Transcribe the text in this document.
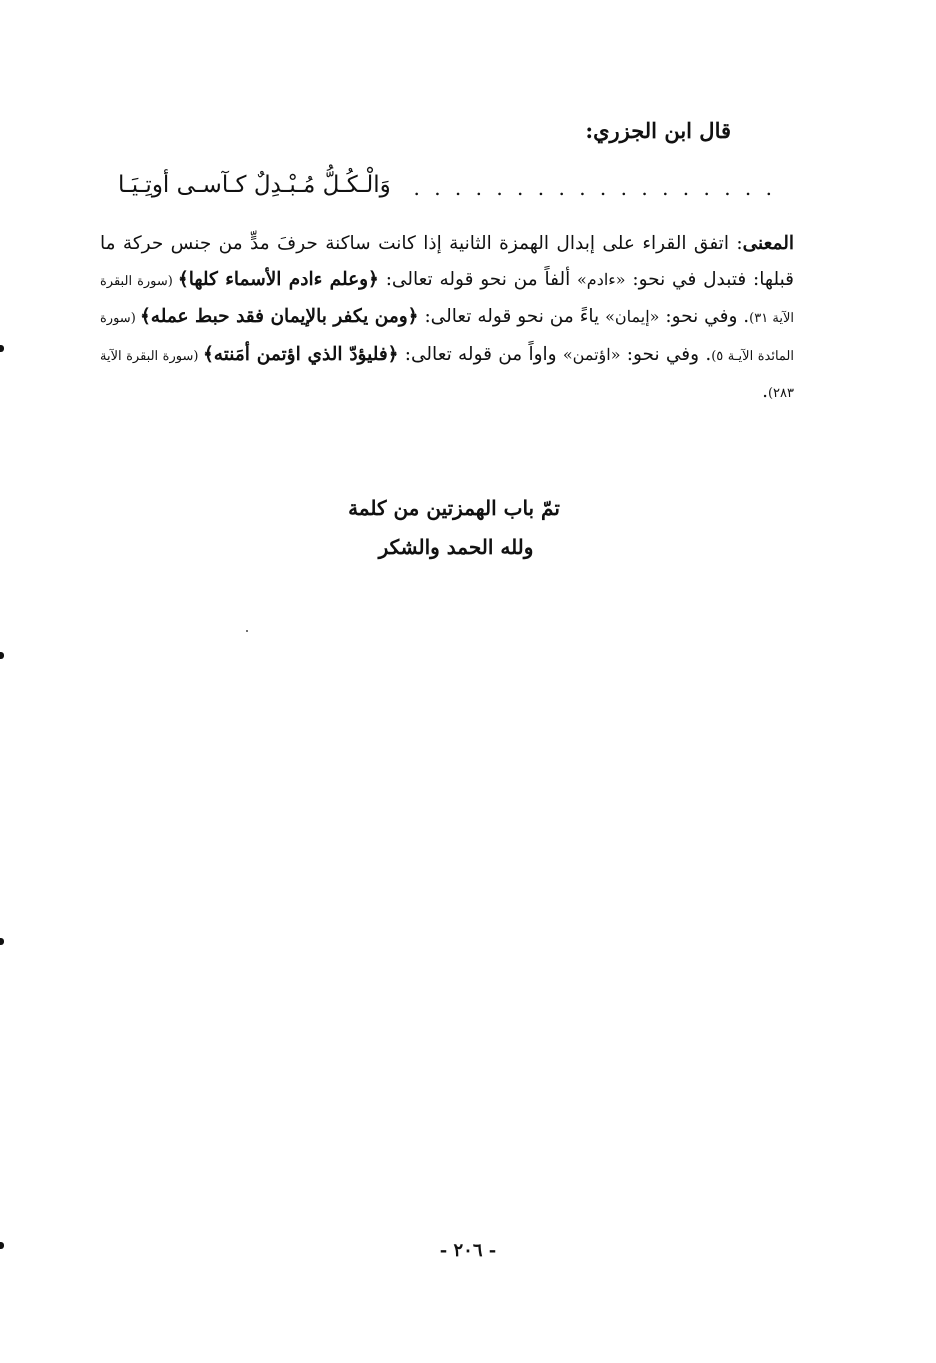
قال ابن الجزري:
. . . . . . . . . . . . . . . . . .
وَالْـكُـلُّ مُـبْـدِلٌ كـآسـى أوتِـيَـا
المعنى: اتفق القراء على إبدال الهمزة الثانية إذا كانت ساكنة حرفَ مدٍّ من جنس حركة ما قبلها: فتبدل في نحو: «ءادم» ألفاً من نحو قوله تعالى: ﴿وعلم ءادم الأسماء كلها﴾ (سورة البقرة الآية ٣١). وفي نحو: «إيمان» ياءً من نحو قوله تعالى: ﴿ومن يكفر بالإيمان فقد حبط عمله﴾ (سورة المائدة الآيـة ٥). وفي نحو: «اؤتمن» واواً من قوله تعالى: ﴿فليؤدّ الذي اؤتمن أمَنته﴾ (سورة البقرة الآية ٢٨٣).
تمّ باب الهمزتين من كلمة
ولله الحمد والشكر
- ٢٠٦ -
